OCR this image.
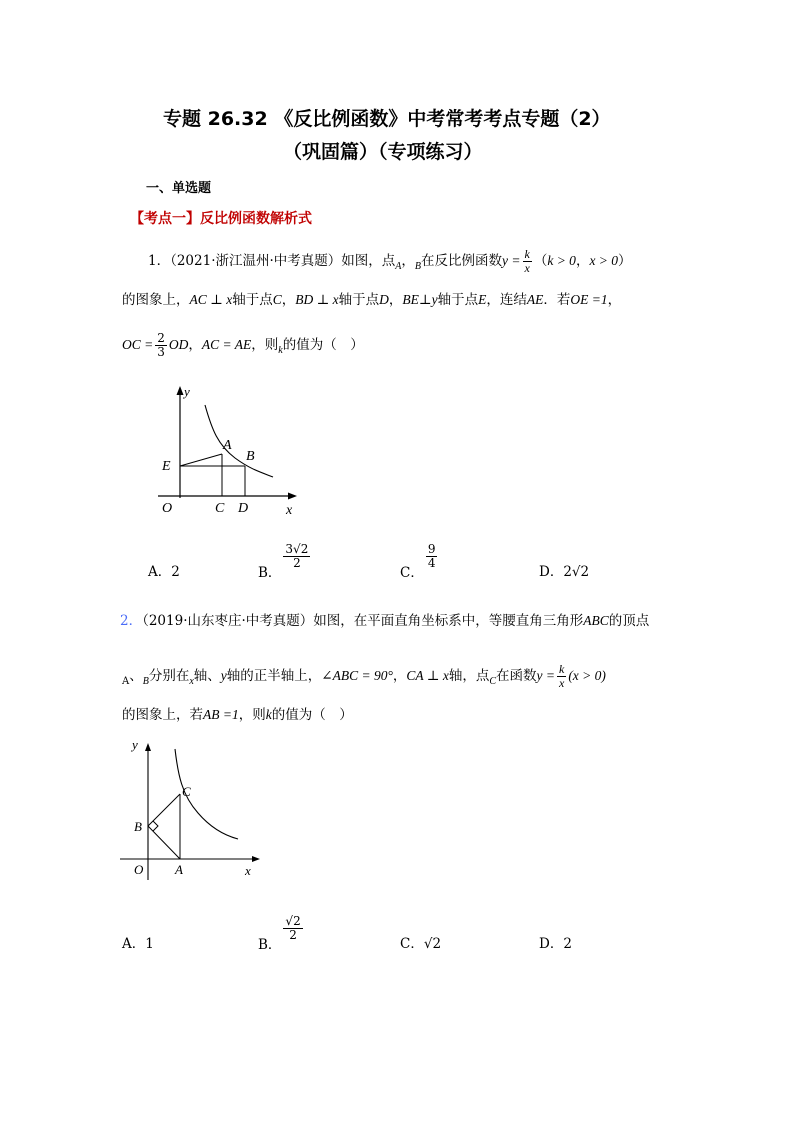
专题 26.32 《反比例函数》中考常考考点专题（2）
（巩固篇）（专项练习）
一、单选题
【考点一】反比例函数解析式
1．（2021·浙江温州·中考真题）如图，点$_A$，$_B$在反比例函数$y = \frac{k}{x} (k > 0$，x > 0）
的图象上，AC ⊥ x轴于点C，BD ⊥ x轴于点D，BE⊥y轴于点E，连结AE．若OE =1，
OC = $\frac{2}{3}$ OD，AC = AE，则$_k$的值为（　）
y
A
B
E
O	C D	x
A．2	B．
$\frac{3√2}{2}$
C．
$\frac{9}{4}$
D．2√2
2．（2019·山东枣庄·中考真题）如图，在平面直角坐标系中，等腰直角三角形ABC的顶点
$_A$、$_B$分别在$_x$轴、y轴的正半轴上，∠ABC = 90°，CA ⊥ x轴，点$_C$在函数$y = \frac{k}{x} (x > 0)$
的图象上，若AB =1，则k的值为（　）
y
C
B
O A	x
A．1	B．
$\frac{√2}{2}$
C．√2	D．2
